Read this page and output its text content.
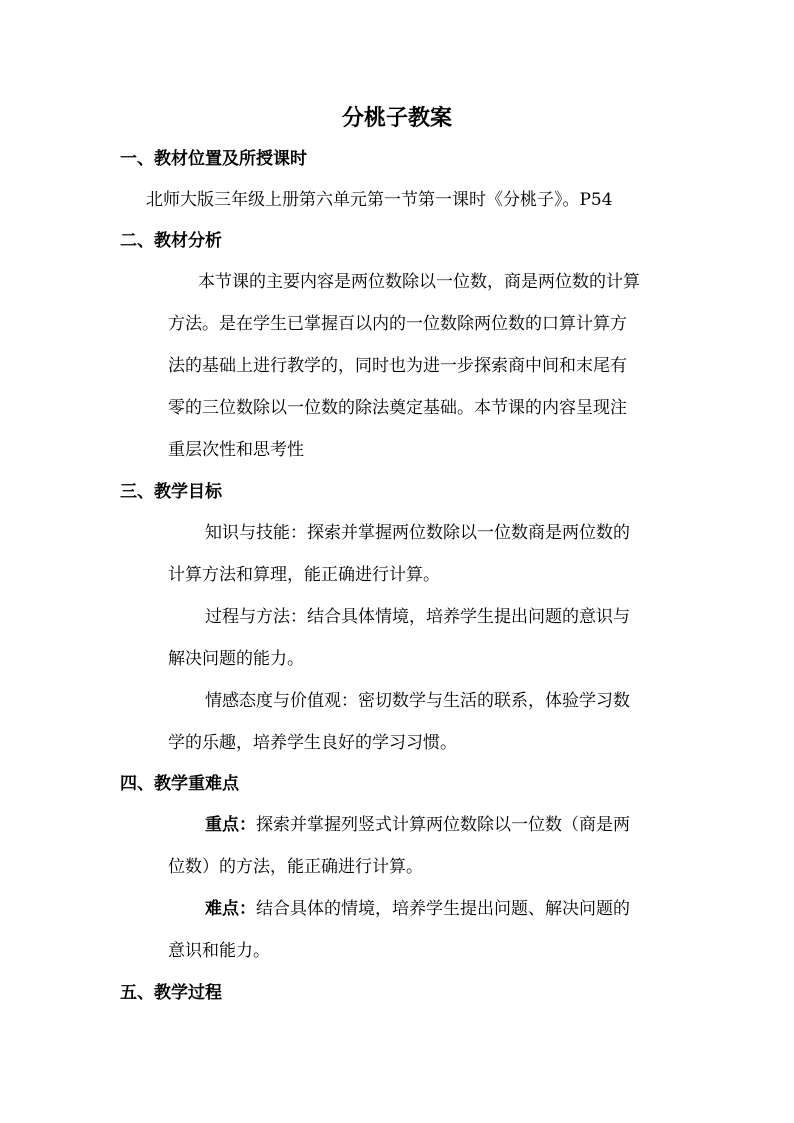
分桃子教案
一、教材位置及所授课时
北师大版三年级上册第六单元第一节第一课时《分桃子》。P54
二、教材分析
本节课的主要内容是两位数除以一位数，商是两位数的计算
方法。是在学生已掌握百以内的一位数除两位数的口算计算方
法的基础上进行教学的，同时也为进一步探索商中间和末尾有
零的三位数除以一位数的除法奠定基础。本节课的内容呈现注
重层次性和思考性
三、教学目标
知识与技能：探索并掌握两位数除以一位数商是两位数的
计算方法和算理，能正确进行计算。
过程与方法：结合具体情境，培养学生提出问题的意识与
解决问题的能力。
情感态度与价值观：密切数学与生活的联系，体验学习数
学的乐趣，培养学生良好的学习习惯。
四、教学重难点
重点：探索并掌握列竖式计算两位数除以一位数（商是两
位数）的方法，能正确进行计算。
难点：结合具体的情境，培养学生提出问题、解决问题的
意识和能力。
五、教学过程
